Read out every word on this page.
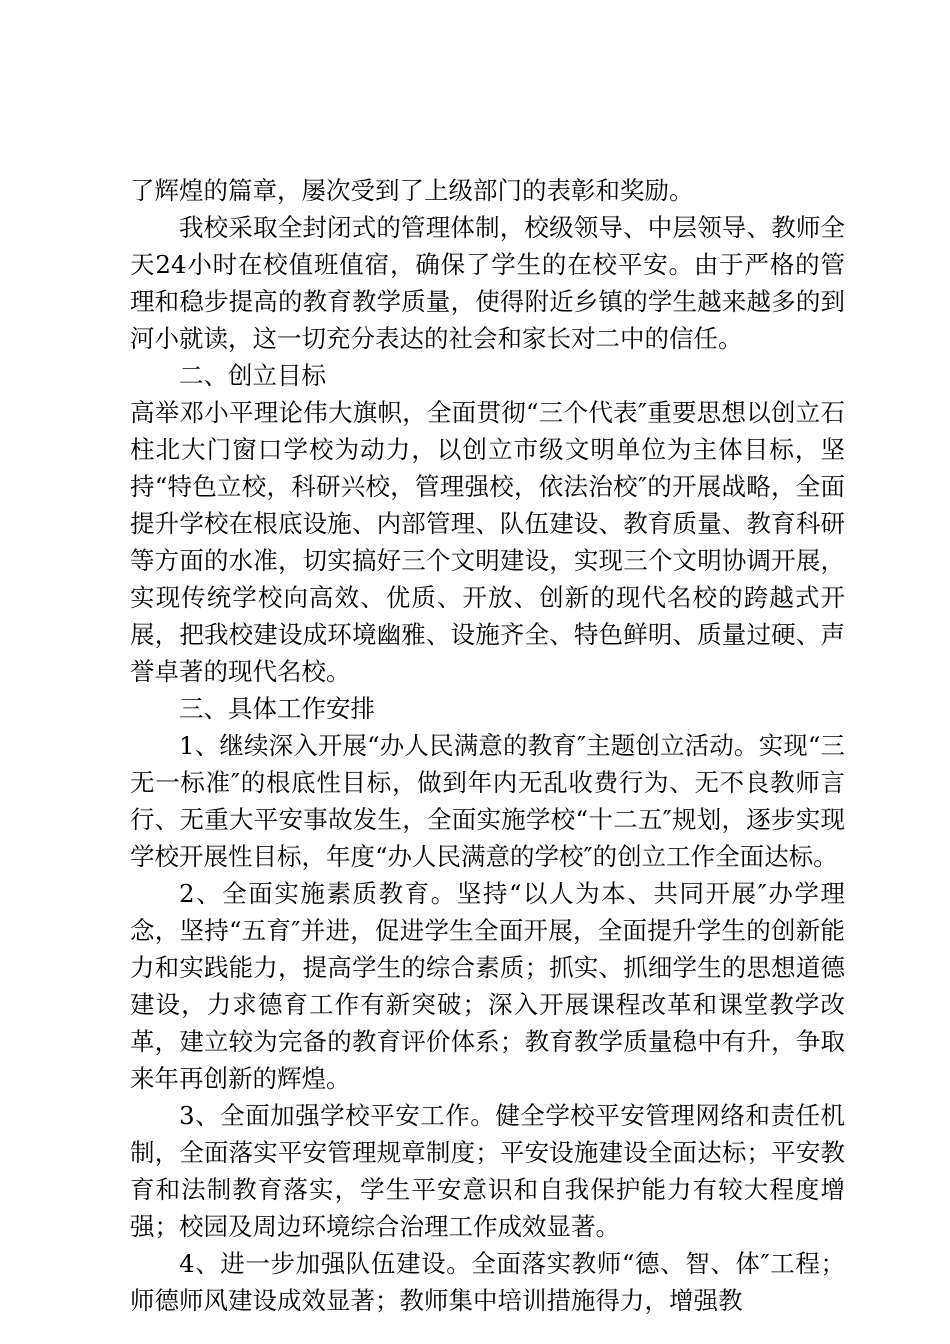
了辉煌的篇章，屡次受到了上级部门的表彰和奖励。

我校采取全封闭式的管理体制，校级领导、中层领导、教师全天24小时在校值班值宿，确保了学生的在校平安。由于严格的管理和稳步提高的教育教学质量，使得附近乡镇的学生越来越多的到河小就读，这一切充分表达的社会和家长对二中的信任。

二、创立目标

高举邓小平理论伟大旗帜，全面贯彻“三个代表″重要思想以创立石柱北大门窗口学校为动力，以创立市级文明单位为主体目标，坚持“特色立校，科研兴校，管理强校，依法治校″的开展战略，全面提升学校在根底设施、内部管理、队伍建设、教育质量、教育科研等方面的水准，切实搞好三个文明建设，实现三个文明协调开展，实现传统学校向高效、优质、开放、创新的现代名校的跨越式开展，把我校建设成环境幽雅、设施齐全、特色鲜明、质量过硬、声誉卓著的现代名校。

三、具体工作安排

1、继续深入开展“办人民满意的教育″主题创立活动。实现“三无一标准″的根底性目标，做到年内无乱收费行为、无不良教师言行、无重大平安事故发生，全面实施学校“十二五″规划，逐步实现学校开展性目标，年度“办人民满意的学校″的创立工作全面达标。

2、全面实施素质教育。坚持“以人为本、共同开展″办学理念，坚持“五育″并进，促进学生全面开展，全面提升学生的创新能力和实践能力，提高学生的综合素质；抓实、抓细学生的思想道德建设，力求德育工作有新突破；深入开展课程改革和课堂教学改革，建立较为完备的教育评价体系；教育教学质量稳中有升，争取来年再创新的辉煌。

3、全面加强学校平安工作。健全学校平安管理网络和责任机制，全面落实平安管理规章制度；平安设施建设全面达标；平安教育和法制教育落实，学生平安意识和自我保护能力有较大程度增强；校园及周边环境综合治理工作成效显著。

4、进一步加强队伍建设。全面落实教师“德、智、体″工程；师德师风建设成效显著；教师集中培训措施得力，增强教
